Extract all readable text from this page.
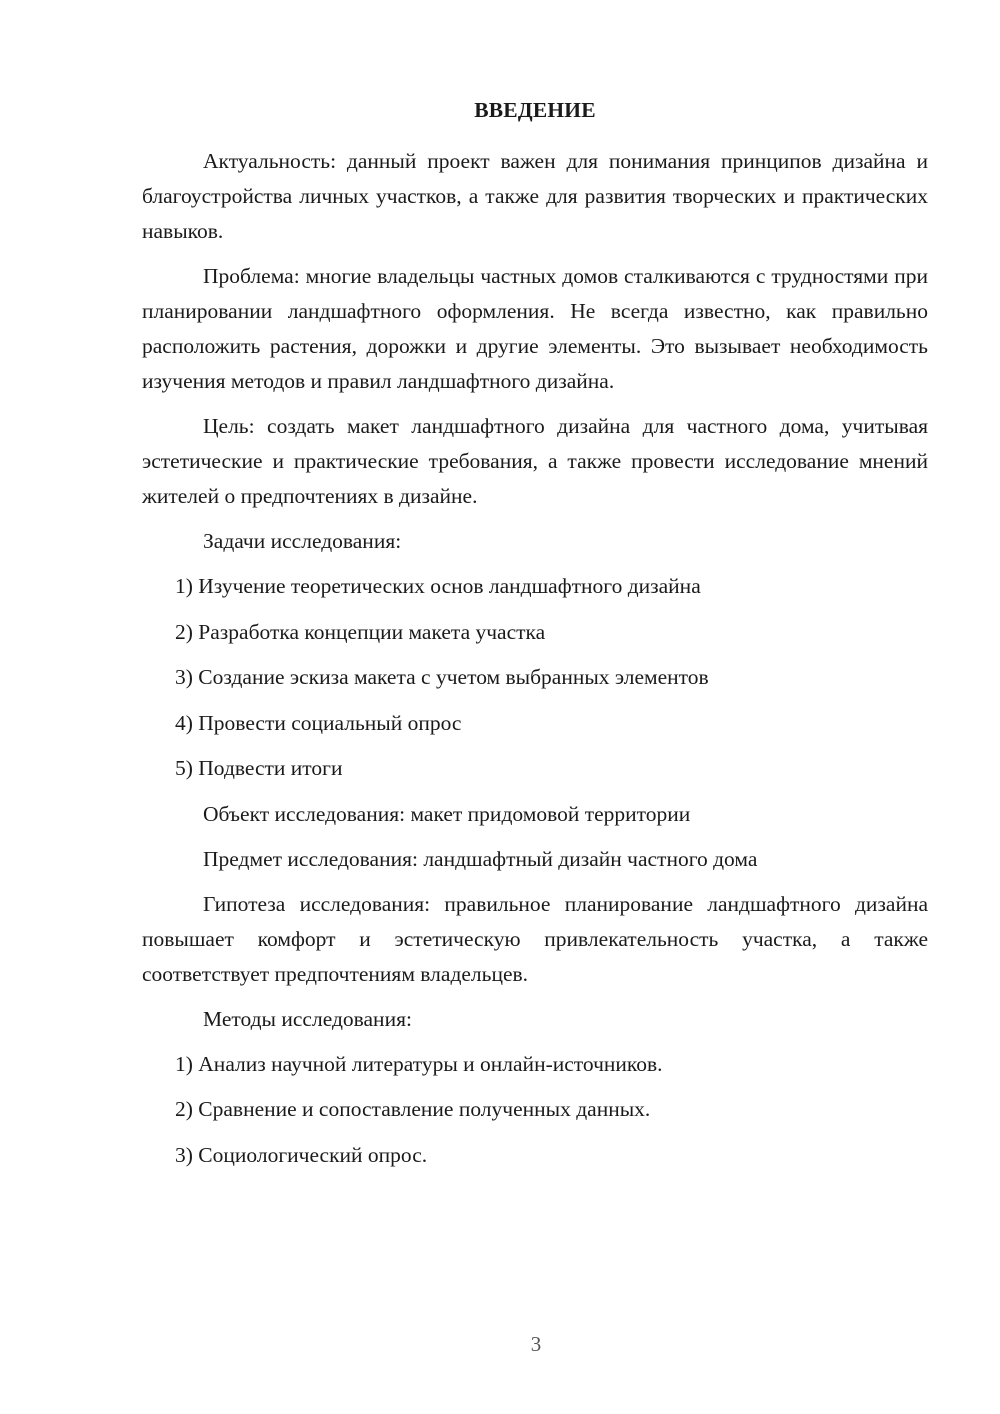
ВВЕДЕНИЕ

Актуальность: данный проект важен для понимания принципов дизайна и благоустройства личных участков, а также для развития творческих и практических навыков.

Проблема: многие владельцы частных домов сталкиваются с трудностями при планировании ландшафтного оформления. Не всегда известно, как правильно расположить растения, дорожки и другие элементы. Это вызывает необходимость изучения методов и правил ландшафтного дизайна.

Цель: создать макет ландшафтного дизайна для частного дома, учитывая эстетические и практические требования, а также провести исследование мнений жителей о предпочтениях в дизайне.

Задачи исследования:

1) Изучение теоретических основ ландшафтного дизайна
2) Разработка концепции макета участка
3) Создание эскиза макета с учетом выбранных элементов
4) Провести социальный опрос
5) Подвести итоги

Объект исследования: макет придомовой территории

Предмет исследования: ландшафтный дизайн частного дома

Гипотеза исследования: правильное планирование ландшафтного дизайна повышает комфорт и эстетическую привлекательность участка, а также соответствует предпочтениям владельцев.

Методы исследования:

1) Анализ научной литературы и онлайн-источников.
2) Сравнение и сопоставление полученных данных.
3) Социологический опрос.
3
